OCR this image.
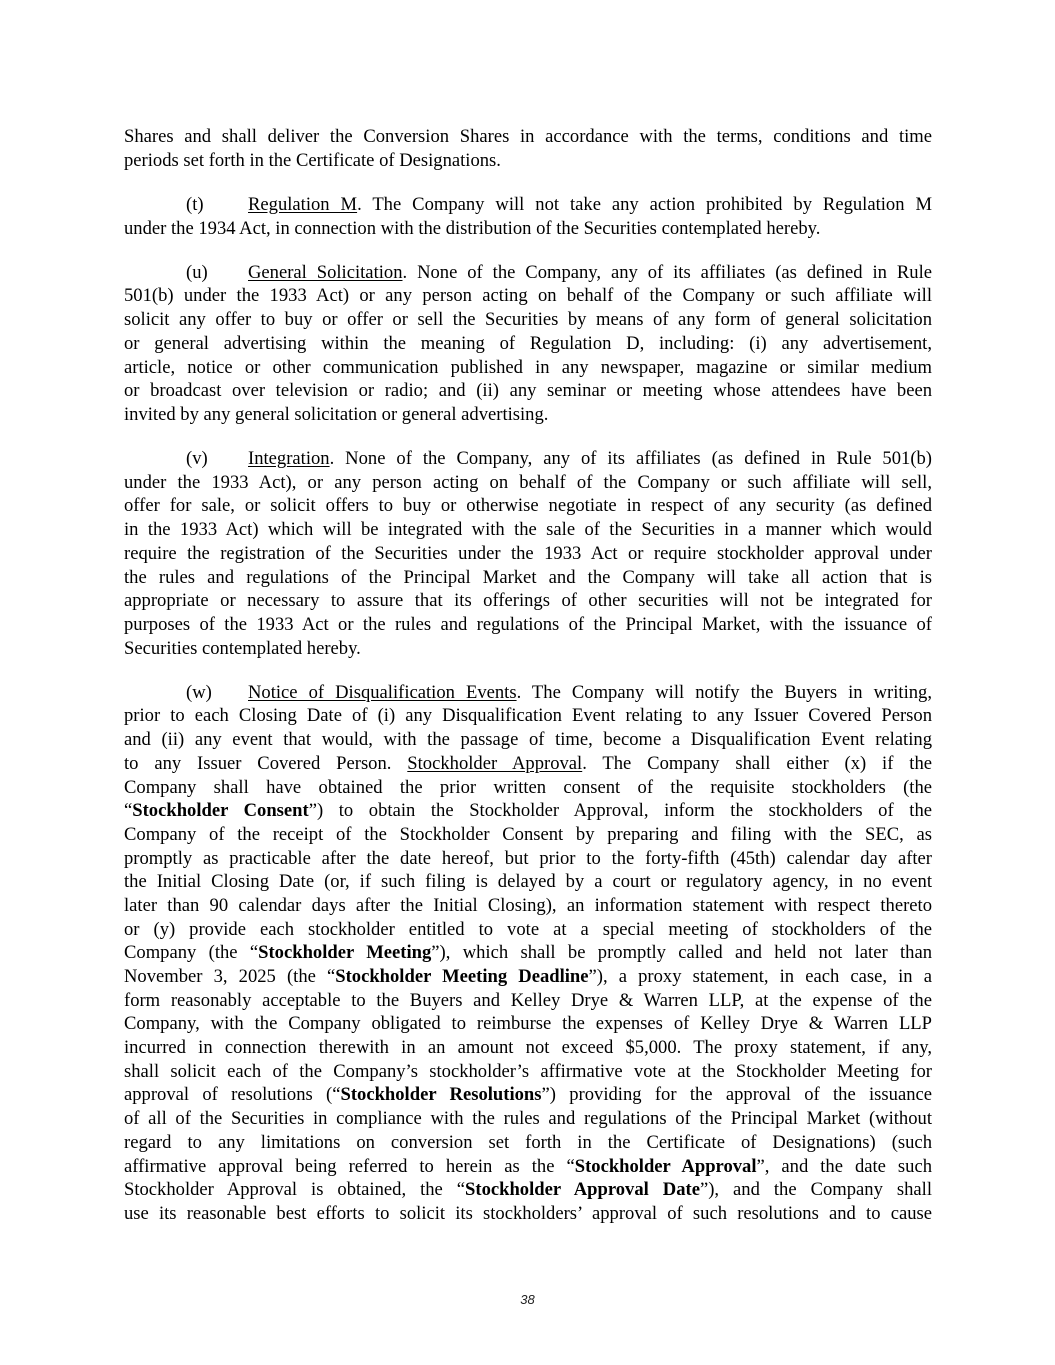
Shares and shall deliver the Conversion Shares in accordance with the terms, conditions and time
periods set forth in the Certificate of Designations.
(t) Regulation M. The Company will not take any action prohibited by Regulation M
under the 1934 Act, in connection with the distribution of the Securities contemplated hereby.
(u) General Solicitation. None of the Company, any of its affiliates (as defined in Rule
501(b) under the 1933 Act) or any person acting on behalf of the Company or such affiliate will
solicit any offer to buy or offer or sell the Securities by means of any form of general solicitation
or general advertising within the meaning of Regulation D, including: (i) any advertisement,
article, notice or other communication published in any newspaper, magazine or similar medium
or broadcast over television or radio; and (ii) any seminar or meeting whose attendees have been
invited by any general solicitation or general advertising.
(v) Integration. None of the Company, any of its affiliates (as defined in Rule 501(b)
under the 1933 Act), or any person acting on behalf of the Company or such affiliate will sell,
offer for sale, or solicit offers to buy or otherwise negotiate in respect of any security (as defined
in the 1933 Act) which will be integrated with the sale of the Securities in a manner which would
require the registration of the Securities under the 1933 Act or require stockholder approval under
the rules and regulations of the Principal Market and the Company will take all action that is
appropriate or necessary to assure that its offerings of other securities will not be integrated for
purposes of the 1933 Act or the rules and regulations of the Principal Market, with the issuance of
Securities contemplated hereby.
(w) Notice of Disqualification Events. The Company will notify the Buyers in writing,
prior to each Closing Date of (i) any Disqualification Event relating to any Issuer Covered Person
and (ii) any event that would, with the passage of time, become a Disqualification Event relating
to any Issuer Covered Person. Stockholder Approval. The Company shall either (x) if the
Company shall have obtained the prior written consent of the requisite stockholders (the
“Stockholder Consent”) to obtain the Stockholder Approval, inform the stockholders of the
Company of the receipt of the Stockholder Consent by preparing and filing with the SEC, as
promptly as practicable after the date hereof, but prior to the forty-fifth (45th) calendar day after
the Initial Closing Date (or, if such filing is delayed by a court or regulatory agency, in no event
later than 90 calendar days after the Initial Closing), an information statement with respect thereto
or (y) provide each stockholder entitled to vote at a special meeting of stockholders of the
Company (the “Stockholder Meeting”), which shall be promptly called and held not later than
November 3, 2025 (the “Stockholder Meeting Deadline”), a proxy statement, in each case, in a
form reasonably acceptable to the Buyers and Kelley Drye & Warren LLP, at the expense of the
Company, with the Company obligated to reimburse the expenses of Kelley Drye & Warren LLP
incurred in connection therewith in an amount not exceed $5,000. The proxy statement, if any,
shall solicit each of the Company’s stockholder’s affirmative vote at the Stockholder Meeting for
approval of resolutions (“Stockholder Resolutions”) providing for the approval of the issuance
of all of the Securities in compliance with the rules and regulations of the Principal Market (without
regard to any limitations on conversion set forth in the Certificate of Designations) (such
affirmative approval being referred to herein as the “Stockholder Approval”, and the date such
Stockholder Approval is obtained, the “Stockholder Approval Date”), and the Company shall
use its reasonable best efforts to solicit its stockholders’ approval of such resolutions and to cause
38
